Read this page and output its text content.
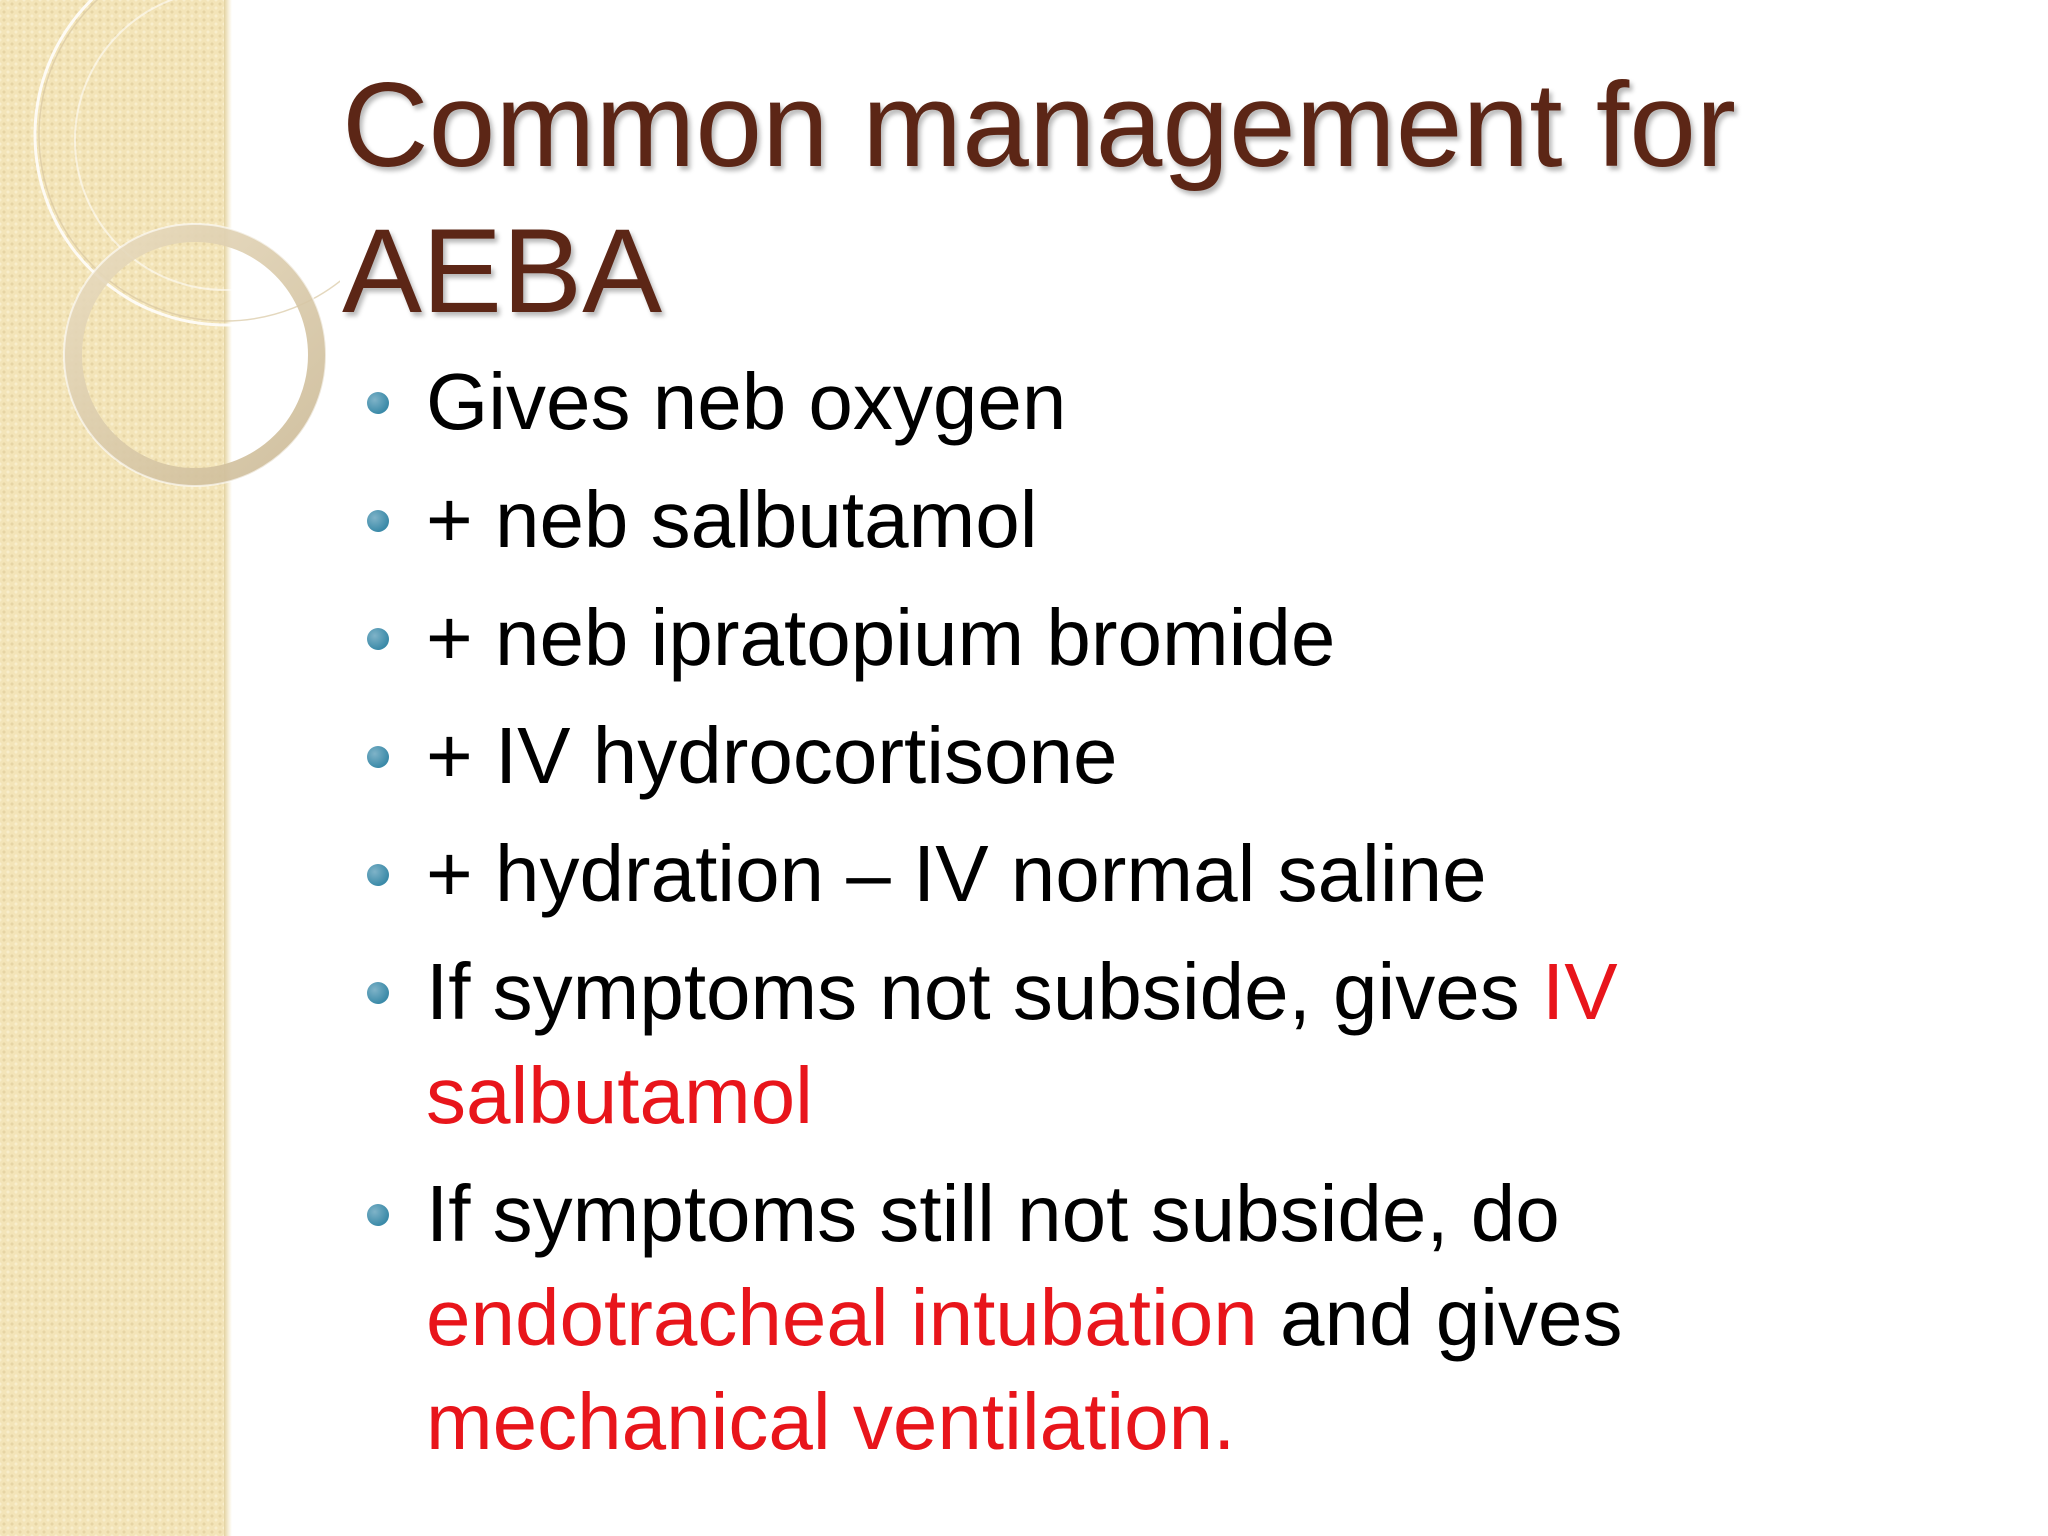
Common management for AEBA
Gives neb oxygen
+ neb salbutamol
+ neb ipratopium bromide
+ IV hydrocortisone
+ hydration – IV normal saline
If symptoms not subside, gives IV salbutamol
If symptoms still not subside, do endotracheal intubation and gives mechanical ventilation.
